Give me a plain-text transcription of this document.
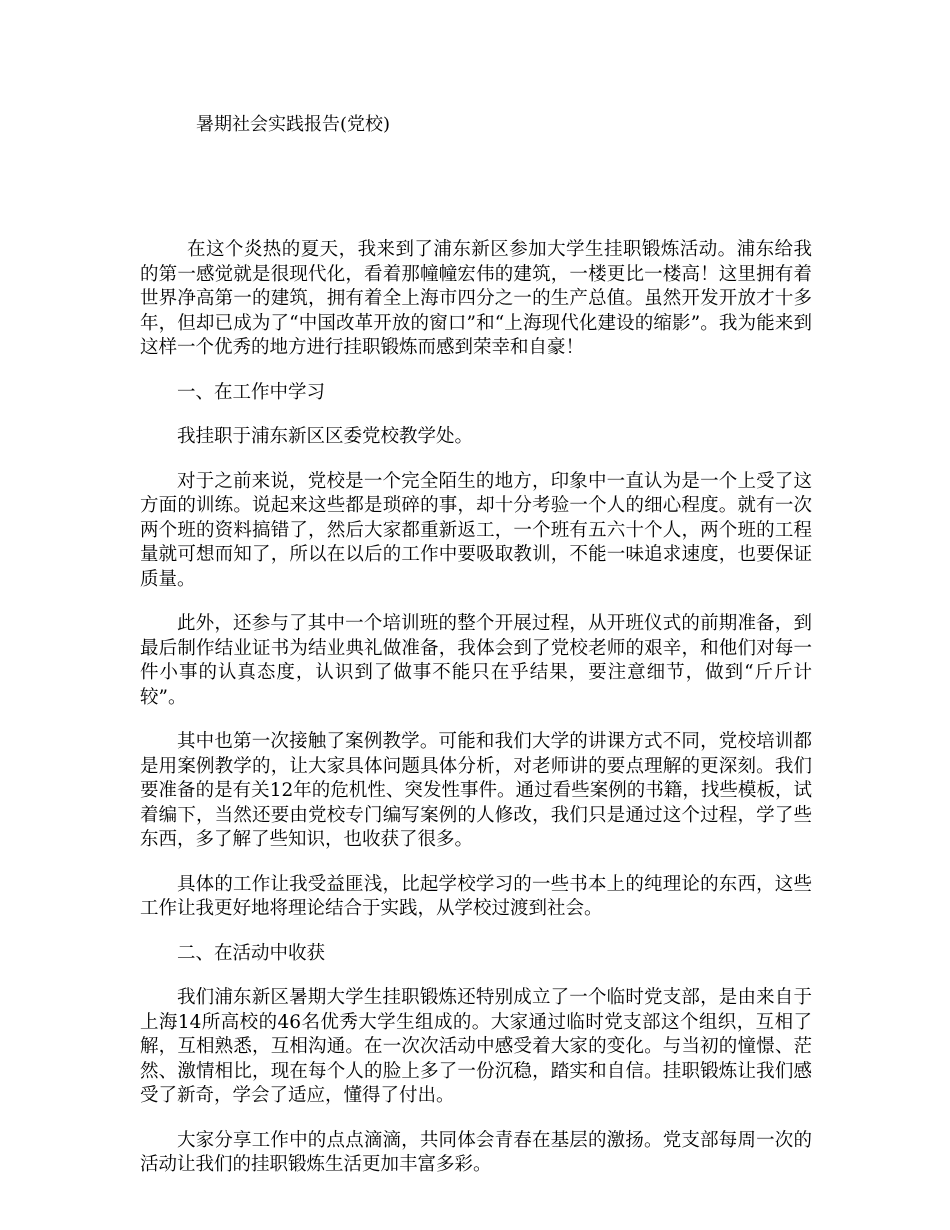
暑期社会实践报告(党校)

在这个炎热的夏天，我来到了浦东新区参加大学生挂职锻炼活动。浦东给我的第一感觉就是很现代化，看着那幢幢宏伟的建筑，一楼更比一楼高！这里拥有着世界净高第一的建筑，拥有着全上海市四分之一的生产总值。虽然开发开放才十多年，但却已成为了“中国改革开放的窗口”和“上海现代化建设的缩影”。我为能来到这样一个优秀的地方进行挂职锻炼而感到荣幸和自豪！

一、在工作中学习

我挂职于浦东新区区委党校教学处。

对于之前来说，党校是一个完全陌生的地方，印象中一直认为是一个上受了这方面的训练。说起来这些都是琐碎的事，却十分考验一个人的细心程度。就有一次两个班的资料搞错了，然后大家都重新返工，一个班有五六十个人，两个班的工程量就可想而知了，所以在以后的工作中要吸取教训，不能一味追求速度，也要保证质量。

此外，还参与了其中一个培训班的整个开展过程，从开班仪式的前期准备，到最后制作结业证书为结业典礼做准备，我体会到了党校老师的艰辛，和他们对每一件小事的认真态度，认识到了做事不能只在乎结果，要注意细节，做到“斤斤计较”。

其中也第一次接触了案例教学。可能和我们大学的讲课方式不同，党校培训都是用案例教学的，让大家具体问题具体分析，对老师讲的要点理解的更深刻。我们要准备的是有关12年的危机性、突发性事件。通过看些案例的书籍，找些模板，试着编下，当然还要由党校专门编写案例的人修改，我们只是通过这个过程，学了些东西，多了解了些知识，也收获了很多。

具体的工作让我受益匪浅，比起学校学习的一些书本上的纯理论的东西，这些工作让我更好地将理论结合于实践，从学校过渡到社会。

二、在活动中收获

我们浦东新区暑期大学生挂职锻炼还特别成立了一个临时党支部，是由来自于上海14所高校的46名优秀大学生组成的。大家通过临时党支部这个组织，互相了解，互相熟悉，互相沟通。在一次次活动中感受着大家的变化。与当初的憧憬、茫然、激情相比，现在每个人的脸上多了一份沉稳，踏实和自信。挂职锻炼让我们感受了新奇，学会了适应，懂得了付出。

大家分享工作中的点点滴滴，共同体会青春在基层的激扬。党支部每周一次的活动让我们的挂职锻炼生活更加丰富多彩。
